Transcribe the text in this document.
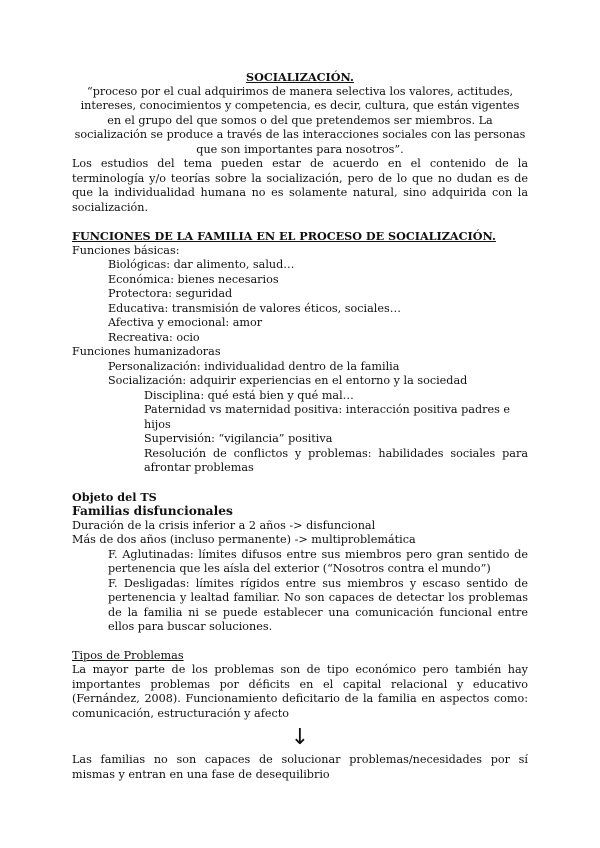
SOCIALIZACIÓN.

“proceso por el cual adquirimos de manera selectiva los valores, actitudes, intereses, conocimientos y competencia, es decir, cultura, que están vigentes en el grupo del que somos o del que pretendemos ser miembros. La socialización se produce a través de las interacciones sociales con las personas que son importantes para nosotros”.

Los estudios del tema pueden estar de acuerdo en el contenido de la terminología y/o teorías sobre la socialización, pero de lo que no dudan es de que la individualidad humana no es solamente natural, sino adquirida con la socialización.

FUNCIONES DE LA FAMILIA EN EL PROCESO DE SOCIALIZACIÓN.

Funciones básicas:

Biológicas: dar alimento, salud…
Económica: bienes necesarios
Protectora: seguridad
Educativa: transmisión de valores éticos, sociales…
Afectiva y emocional: amor
Recreativa: ocio

Funciones humanizadoras

Personalización: individualidad dentro de la familia
Socialización: adquirir experiencias en el entorno y la sociedad
Disciplina: qué está bien y qué mal…
Paternidad vs maternidad positiva: interacción positiva padres e hijos
Supervisión: “vigilancia” positiva
Resolución de conflictos y problemas: habilidades sociales para afrontar problemas

Objeto del TS

Familias disfuncionales

Duración de la crisis inferior a 2 años -> disfuncional

Más de dos años (incluso permanente) -> multiproblemática

F. Aglutinadas: límites difusos entre sus miembros pero gran sentido de pertenencia que les aísla del exterior (“Nosotros contra el mundo”)

F. Desligadas: límites rígidos entre sus miembros y escaso sentido de pertenencia y lealtad familiar. No son capaces de detectar los problemas de la familia ni se puede establecer una comunicación funcional entre ellos para buscar soluciones.

Tipos de Problemas

La mayor parte de los problemas son de tipo económico pero también hay importantes problemas por déficits en el capital relacional y educativo (Fernández, 2008). Funcionamiento deficitario de la familia en aspectos como: comunicación, estructuración y afecto

↓

Las familias no son capaces de solucionar problemas/necesidades por sí mismas y entran en una fase de desequilibrio
